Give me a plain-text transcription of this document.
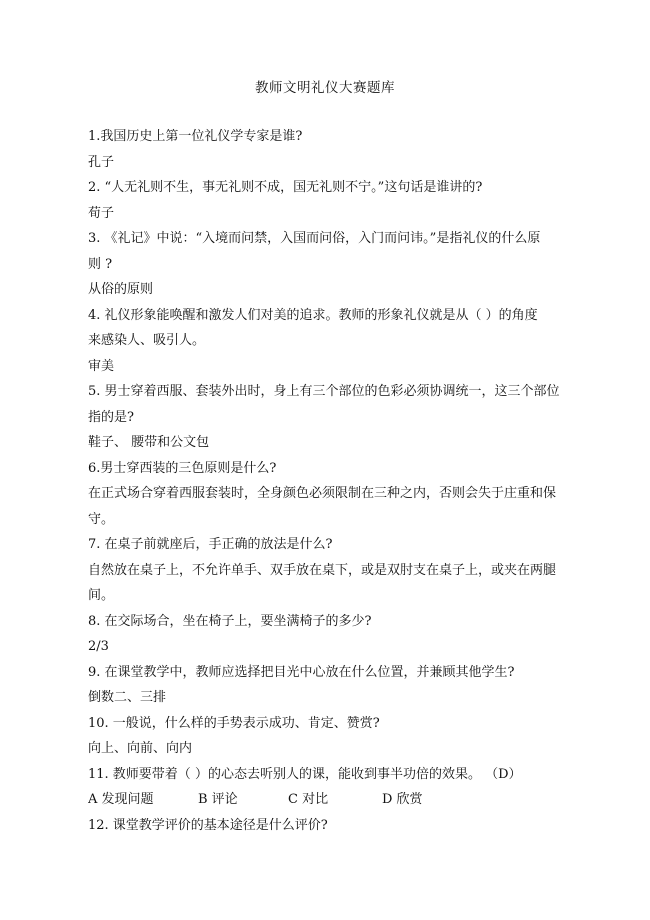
教师文明礼仪大赛题库
1.我国历史上第一位礼仪学专家是谁?
孔子
2. “人无礼则不生，事无礼则不成，国无礼则不宁。”这句话是谁讲的?
荀子
3. 《礼记》中说：“入境而问禁，入国而问俗，入门而问讳。”是指礼仪的什么原
则 ?
从俗的原则
4. 礼仪形象能唤醒和激发人们对美的追求。教师的形象礼仪就是从（ ）的角度
来感染人、吸引人。
审美
5. 男士穿着西服、套装外出时，身上有三个部位的色彩必须协调统一，这三个部位
指的是?
鞋子、 腰带和公文包
6.男士穿西装的三色原则是什么?
在正式场合穿着西服套装时，全身颜色必须限制在三种之内，否则会失于庄重和保
守。
7. 在桌子前就座后，手正确的放法是什么?
自然放在桌子上，不允许单手、双手放在桌下，或是双肘支在桌子上，或夹在两腿
间。
8. 在交际场合，坐在椅子上，要坐满椅子的多少?
2/3
9. 在课堂教学中，教师应选择把目光中心放在什么位置，并兼顾其他学生?
倒数二、三排
10. 一般说，什么样的手势表示成功、肯定、赞赏?
向上、向前、向内
11. 教师要带着（ ）的心态去听别人的课，能收到事半功倍的效果。 （D）
A 发现问题	B 评论	C 对比	D 欣赏
12. 课堂教学评价的基本途径是什么评价?
